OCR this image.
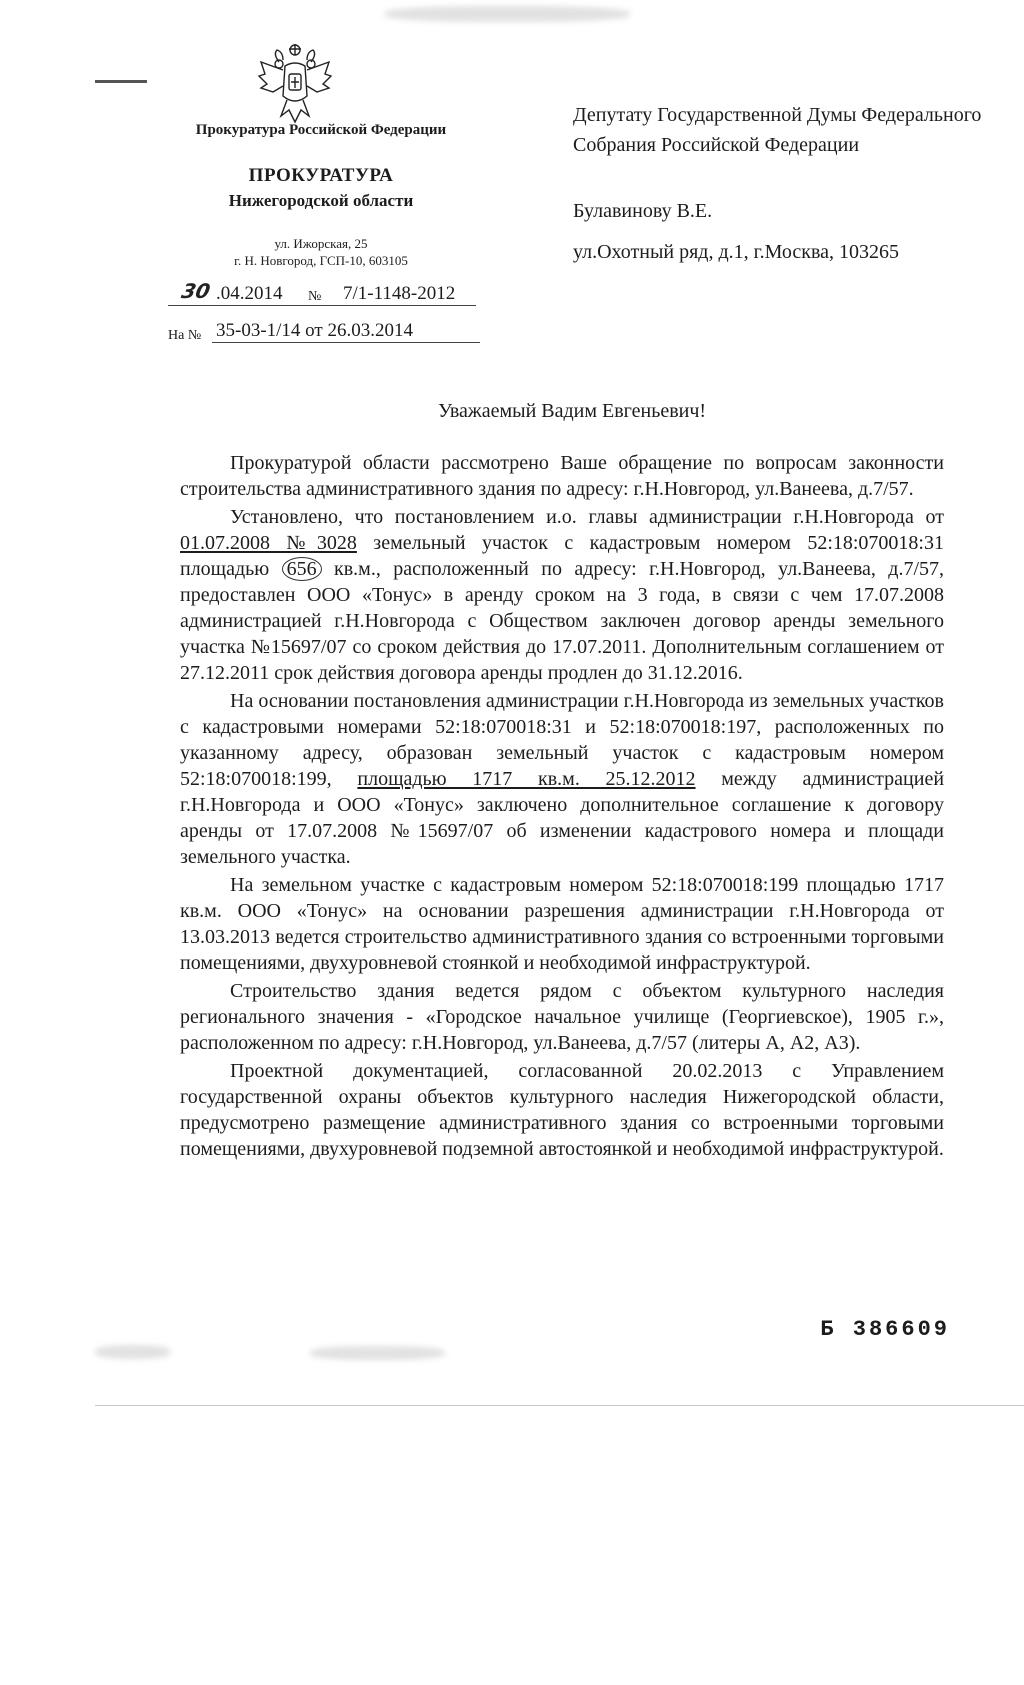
Прокуратура Российской Федерации
ПРОКУРАТУРА
Нижегородской области
ул. Ижорская, 25
г. Н. Новгород, ГСП-10, 603105
30 .04.2014 № 7/1-1148-2012
На № 35-03-1/14 от 26.03.2014
Депутату Государственной Думы Федерального Собрания Российской Федерации
Булавинову В.Е.
ул.Охотный ряд, д.1, г.Москва, 103265
Уважаемый Вадим Евгеньевич!

Прокуратурой области рассмотрено Ваше обращение по вопросам законности строительства административного здания по адресу: г.Н.Новгород, ул.Ванеева, д.7/57.

Установлено, что постановлением и.о. главы администрации г.Н.Новгорода от 01.07.2008 №3028 земельный участок с кадастровым номером 52:18:070018:31 площадью 656 кв.м., расположенный по адресу: г.Н.Новгород, ул.Ванеева, д.7/57, предоставлен ООО «Тонус» в аренду сроком на 3 года, в связи с чем 17.07.2008 администрацией г.Н.Новгорода с Обществом заключен договор аренды земельного участка №15697/07 со сроком действия до 17.07.2011. Дополнительным соглашением от 27.12.2011 срок действия договора аренды продлен до 31.12.2016.

На основании постановления администрации г.Н.Новгорода из земельных участков с кадастровыми номерами 52:18:070018:31 и 52:18:070018:197, расположенных по указанному адресу, образован земельный участок с кадастровым номером 52:18:070018:199, площадью 1717 кв.м. 25.12.2012 между администрацией г.Н.Новгорода и ООО «Тонус» заключено дополнительное соглашение к договору аренды от 17.07.2008 №15697/07 об изменении кадастрового номера и площади земельного участка.

На земельном участке с кадастровым номером 52:18:070018:199 площадью 1717 кв.м. ООО «Тонус» на основании разрешения администрации г.Н.Новгорода от 13.03.2013 ведется строительство административного здания со встроенными торговыми помещениями, двухуровневой стоянкой и необходимой инфраструктурой.

Строительство здания ведется рядом с объектом культурного наследия регионального значения - «Городское начальное училище (Георгиевское), 1905 г.», расположенном по адресу: г.Н.Новгород, ул.Ванеева, д.7/57 (литеры А, А2, А3).

Проектной документацией, согласованной 20.02.2013 с Управлением государственной охраны объектов культурного наследия Нижегородской области, предусмотрено размещение административного здания со встроенными торговыми помещениями, двухуровневой подземной автостоянкой и необходимой инфраструктурой.

Б 386609
